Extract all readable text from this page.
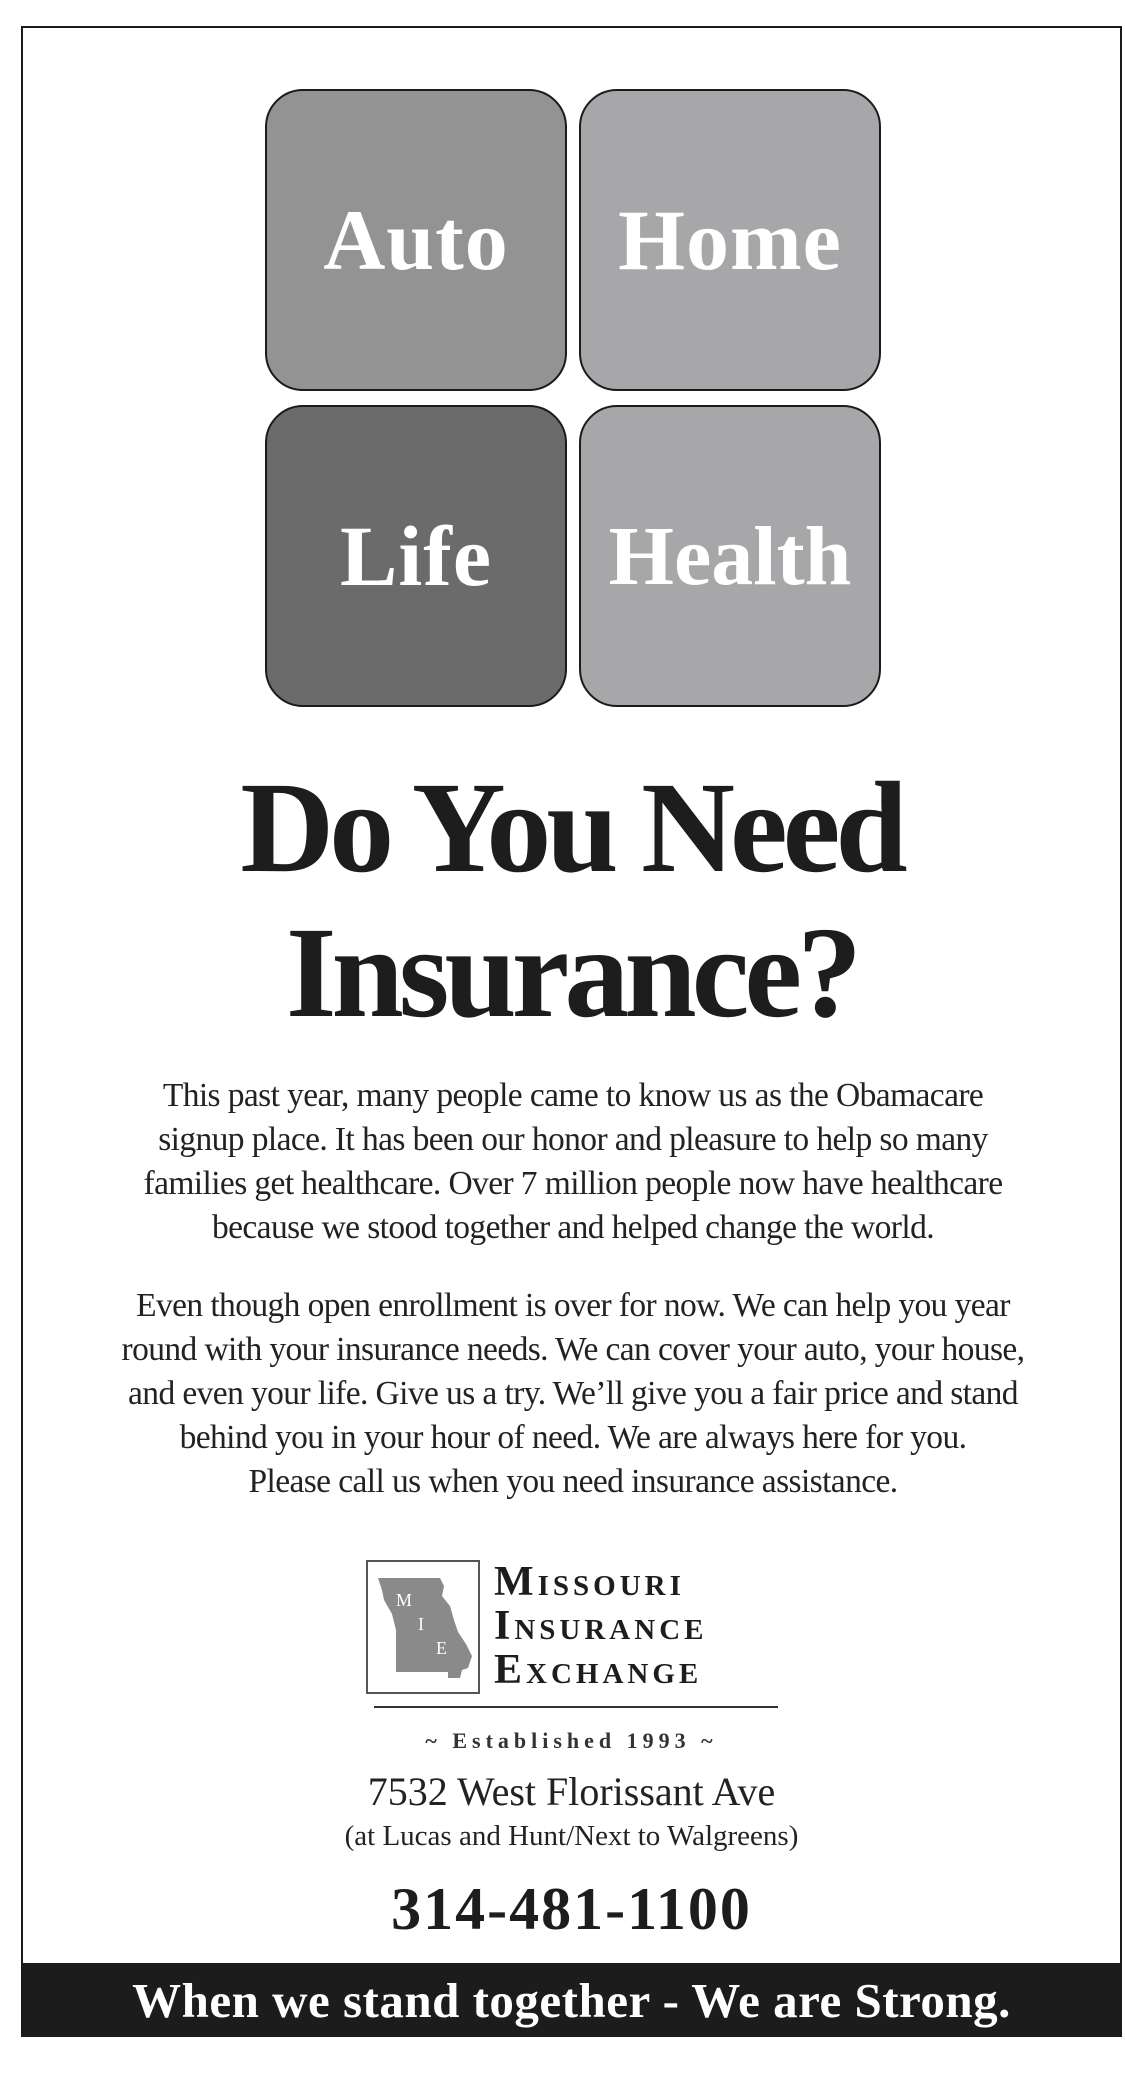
Auto Home
Life Health
Do You Need
Insurance?
This past year, many people came to know us as the Obamacare
signup place. It has been our honor and pleasure to help so many
families get healthcare. Over 7 million people now have healthcare
because we stood together and helped change the world.
Even though open enrollment is over for now. We can help you year
round with your insurance needs. We can cover your auto, your house,
and even your life. Give us a try. We’ll give you a fair price and stand
behind you in your hour of need. We are always here for you.
Please call us when you need insurance assistance.
M
I
E
Missouri
Insurance
Exchange
~ Established 1993 ~
7532 West Florissant Ave
(at Lucas and Hunt/Next to Walgreens)
314-481-1100
When we stand together - We are Strong.
